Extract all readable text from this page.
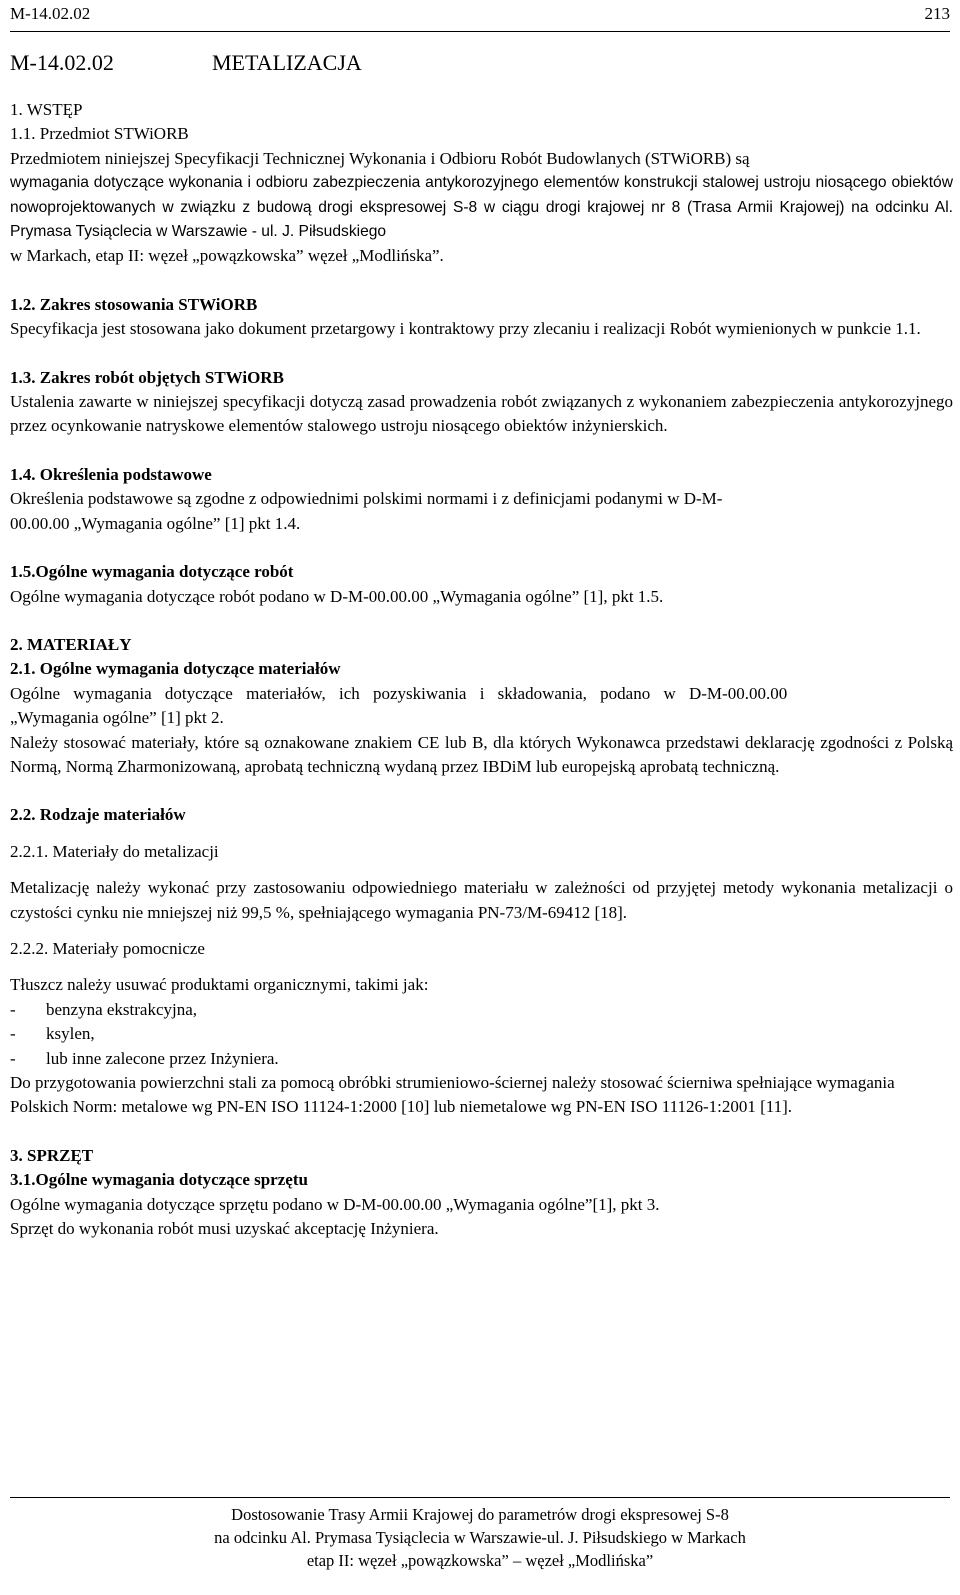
M-14.02.02	213
M-14.02.02	METALIZACJA

1. WSTĘP

1.1. Przedmiot STWiORB

Przedmiotem niniejszej Specyfikacji Technicznej Wykonania i Odbioru Robót Budowlanych (STWiORB) są

wymagania dotyczące wykonania i odbioru zabezpieczenia antykorozyjnego elementów konstrukcji stalowej ustroju niosącego obiektów nowoprojektowanych w związku z budową drogi ekspresowej S-8 w ciągu drogi krajowej nr 8 (Trasa Armii Krajowej) na odcinku Al. Prymasa Tysiąclecia w Warszawie - ul. J. Piłsudskiego

w Markach, etap II: węzeł „powązkowska” węzeł „Modlińska”.

1.2. Zakres stosowania STWiORB

Specyfikacja jest stosowana jako dokument przetargowy i kontraktowy przy zlecaniu i realizacji Robót wymienionych w punkcie 1.1.

1.3. Zakres robót objętych STWiORB

Ustalenia zawarte w niniejszej specyfikacji dotyczą zasad prowadzenia robót związanych z wykonaniem zabezpieczenia antykorozyjnego przez ocynkowanie natryskowe elementów stalowego ustroju niosącego obiektów inżynierskich.

1.4. Określenia podstawowe

Określenia podstawowe są zgodne z odpowiednimi polskimi normami i z definicjami podanymi w D-M-

00.00.00 „Wymagania ogólne” [1] pkt 1.4.

1.5.Ogólne wymagania dotyczące robót

Ogólne wymagania dotyczące robót podano w D-M-00.00.00 „Wymagania ogólne” [1], pkt 1.5.

2. MATERIAŁY

2.1. Ogólne wymagania dotyczące materiałów

Ogólne wymagania dotyczące materiałów, ich pozyskiwania i składowania, podano w D-M-00.00.00

„Wymagania ogólne” [1] pkt 2.

Należy stosować materiały, które są oznakowane znakiem CE lub B, dla których Wykonawca przedstawi deklarację zgodności z Polską Normą, Normą Zharmonizowaną, aprobatą techniczną wydaną przez IBDiM lub europejską aprobatą techniczną.

2.2. Rodzaje materiałów

2.2.1. Materiały do metalizacji

Metalizację należy wykonać przy zastosowaniu odpowiedniego materiału w zależności od przyjętej metody wykonania metalizacji o czystości cynku nie mniejszej niż 99,5 %, spełniającego wymagania PN-73/M-69412 [18].

2.2.2. Materiały pomocnicze

Tłuszcz należy usuwać produktami organicznymi, takimi jak:

- benzyna ekstrakcyjna,

- ksylen,

- lub inne zalecone przez Inżyniera.

Do przygotowania powierzchni stali za pomocą obróbki strumieniowo-ściernej należy stosować ścierniwa spełniające wymagania Polskich Norm: metalowe wg PN-EN ISO 11124-1:2000 [10] lub niemetalowe wg PN-EN ISO 11126-1:2001 [11].

3. SPRZĘT

3.1.Ogólne wymagania dotyczące sprzętu

Ogólne wymagania dotyczące sprzętu podano w D-M-00.00.00 „Wymagania ogólne”[1], pkt 3.

Sprzęt do wykonania robót musi uzyskać akceptację Inżyniera.

Dostosowanie Trasy Armii Krajowej do parametrów drogi ekspresowej S-8
na odcinku Al. Prymasa Tysiąclecia w Warszawie-ul. J. Piłsudskiego w Markach
etap II: węzeł „powązkowska” – węzeł „Modlińska”
